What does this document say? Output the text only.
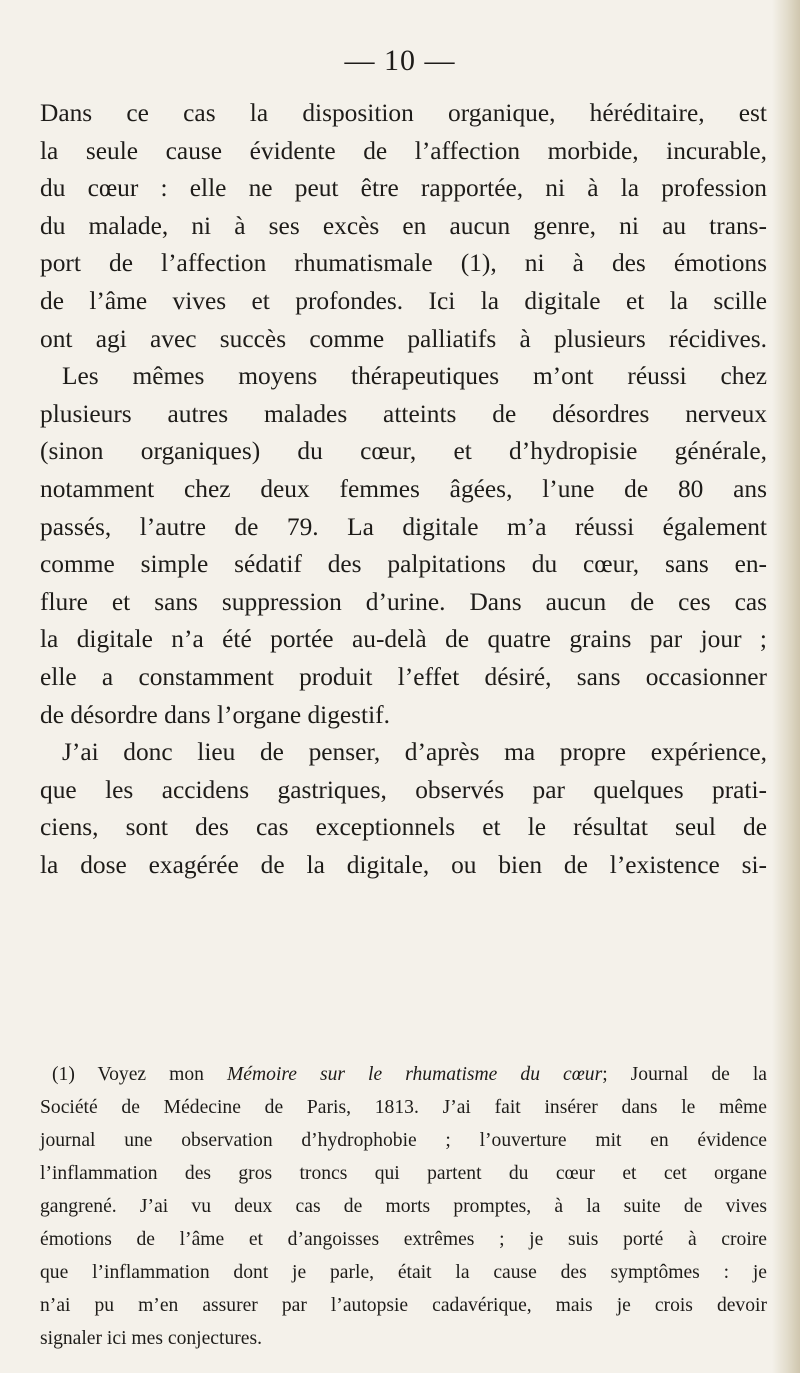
— 10 —
Dans ce cas la disposition organique, héréditaire, est
la seule cause évidente de l’affection morbide, incurable,
du cœur : elle ne peut être rapportée, ni à la profession
du malade, ni à ses excès en aucun genre, ni au trans-
port de l’affection rhumatismale (1), ni à des émotions
de l’âme vives et profondes. Ici la digitale et la scille
ont agi avec succès comme palliatifs à plusieurs récidives.
Les mêmes moyens thérapeutiques m’ont réussi chez
plusieurs autres malades atteints de désordres nerveux
(sinon organiques) du cœur, et d’hydropisie générale,
notamment chez deux femmes âgées, l’une de 80 ans
passés, l’autre de 79. La digitale m’a réussi également
comme simple sédatif des palpitations du cœur, sans en-
flure et sans suppression d’urine. Dans aucun de ces cas
la digitale n’a été portée au-delà de quatre grains par jour ;
elle a constamment produit l’effet désiré, sans occasionner
de désordre dans l’organe digestif.
J’ai donc lieu de penser, d’après ma propre expérience,
que les accidens gastriques, observés par quelques prati-
ciens, sont des cas exceptionnels et le résultat seul de
la dose exagérée de la digitale, ou bien de l’existence si-
(1) Voyez mon Mémoire sur le rhumatisme du cœur; Journal de la
Société de Médecine de Paris, 1813. J’ai fait insérer dans le même
journal une observation d’hydrophobie ; l’ouverture mit en évidence
l’inflammation des gros troncs qui partent du cœur et cet organe
gangrené. J’ai vu deux cas de morts promptes, à la suite de vives
émotions de l’âme et d’angoisses extrêmes ; je suis porté à croire
que l’inflammation dont je parle, était la cause des symptômes : je
n’ai pu m’en assurer par l’autopsie cadavérique, mais je crois devoir
signaler ici mes conjectures.
